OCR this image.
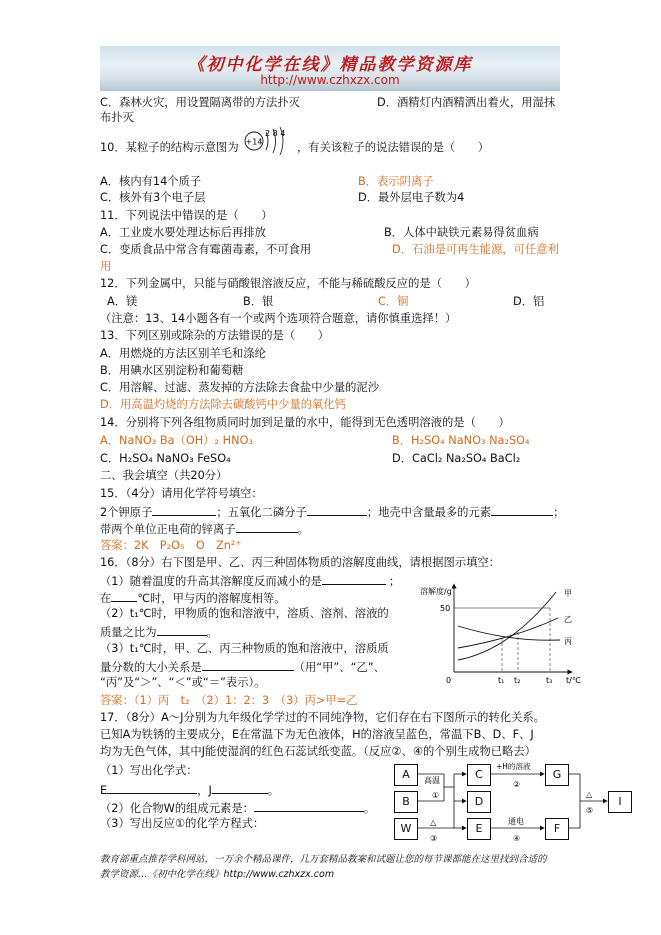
《初中化学在线》精品教学资源库
http://www.czhxzx.com
C．森林火灾，用设置隔离带的方法扑灭	D．酒精灯内酒精洒出着火，用湿抹
布扑灭
10．某粒子的结构示意图为 +14
2 8 4
，有关该粒子的说法错误的是（　　）
A．核内有14个质子	B．表示阴离子
C．核外有3个电子层	D．最外层电子数为4
11．下列说法中错误的是（　　）
A．工业废水要处理达标后再排放	B．人体中缺铁元素易得贫血病
C．变质食品中常含有霉菌毒素，不可食用	D．石油是可再生能源，可任意利
用
12．下列金属中，只能与硝酸银溶液反应，不能与稀硫酸反应的是（　　）
A．镁	B．银	C．铜	D．铝
（注意：13、14小题各有一个或两个选项符合题意，请你慎重选择！）
13．下列区别或除杂的方法错误的是（　　）
A．用燃烧的方法区别羊毛和涤纶
B．用碘水区别淀粉和葡萄糖
C．用溶解、过滤、蒸发掉的方法除去食盐中少量的泥沙
D．用高温灼烧的方法除去碳酸钙中少量的氧化钙
14．分别将下列各组物质同时加到足量的水中，能得到无色透明溶液的是（　　）
A．NaNO₃ Ba（OH）₂ HNO₃	B．H₂SO₄ NaNO₃ Na₂SO₄
C．H₂SO₄ NaNO₃ FeSO₄	D．CaCl₂ Na₂SO₄ BaCl₂
二、我会填空（共20分）
15．（4分）请用化学符号填空：
2个钾原子	；五氧化二磷分子	；地壳中含量最多的元素	；
带两个单位正电荷的锌离子	。
答案：2K　P₂O₅　O　Zn²⁺
16．（8分）右下图是甲、乙、丙三种固体物质的溶解度曲线，请根据图示填空：
（1）随着温度的升高其溶解度反而减小的是	；
在 ℃时，甲与丙的溶解度相等。
（2）t₁℃时，甲物质的饱和溶液中，溶质、溶剂、溶液的
质量之比为	。
（3）t₁℃时，甲、乙、丙三种物质的饱和溶液中，溶质质
量分数的大小关系是	（用“甲”、“乙”、
“丙”及“＞”、“＜”或“＝”表示）。
答案：（1）丙　t₂　（2）1：2：3　（3）丙>甲=乙
溶解度/g
50
甲
乙
丙
0	t₁ t₂	t₃ t/℃
17．（8分）A～J分别为九年级化学学过的不同纯净物，它们存在右下图所示的转化关系。
已知A为铁锈的主要成分，E在常温下为无色液体，H的溶液呈蓝色，常温下B、D、F、J
均为无色气体，其中J能使湿润的红色石蕊试纸变蓝。（反应②、④的个别生成物已略去）
（1）写出化学式：
E	，J	。
（2）化合物W的组成元素是：	。
（3）写出反应①的化学方程式：
A
B
W
C
D
E
G
F
I
高温
①
+H的溶液
②
△
③
通电
④
△
⑤
教育部重点推荐学科网站，一万余个精品课件，几万套精品教案和试题让您的每节课都能在这里找到合适的
教学资源…《初中化学在线》http://www.czhxzx.com
